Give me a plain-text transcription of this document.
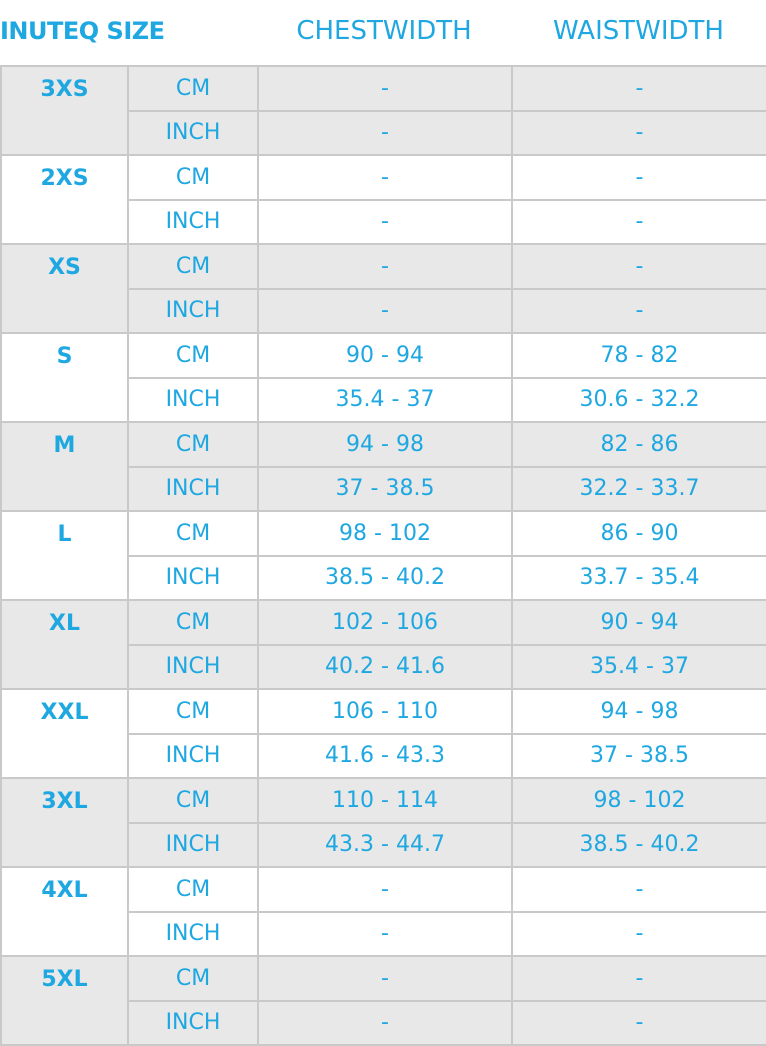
INUTEQ SIZE	CHESTWIDTH	WAISTWIDTH
3XS	CM	-	-
	INCH	-	-
2XS	CM	-	-
	INCH	-	-
XS	CM	-	-
	INCH	-	-
S	CM	90 - 94	78 - 82
	INCH	35.4 - 37	30.6 - 32.2
M	CM	94 - 98	82 - 86
	INCH	37 - 38.5	32.2 - 33.7
L	CM	98 - 102	86 - 90
	INCH	38.5 - 40.2	33.7 - 35.4
XL	CM	102 - 106	90 - 94
	INCH	40.2 - 41.6	35.4 - 37
XXL	CM	106 - 110	94 - 98
	INCH	41.6 - 43.3	37 - 38.5
3XL	CM	110 - 114	98 - 102
	INCH	43.3 - 44.7	38.5 - 40.2
4XL	CM	-	-
	INCH	-	-
5XL	CM	-	-
	INCH	-	-
